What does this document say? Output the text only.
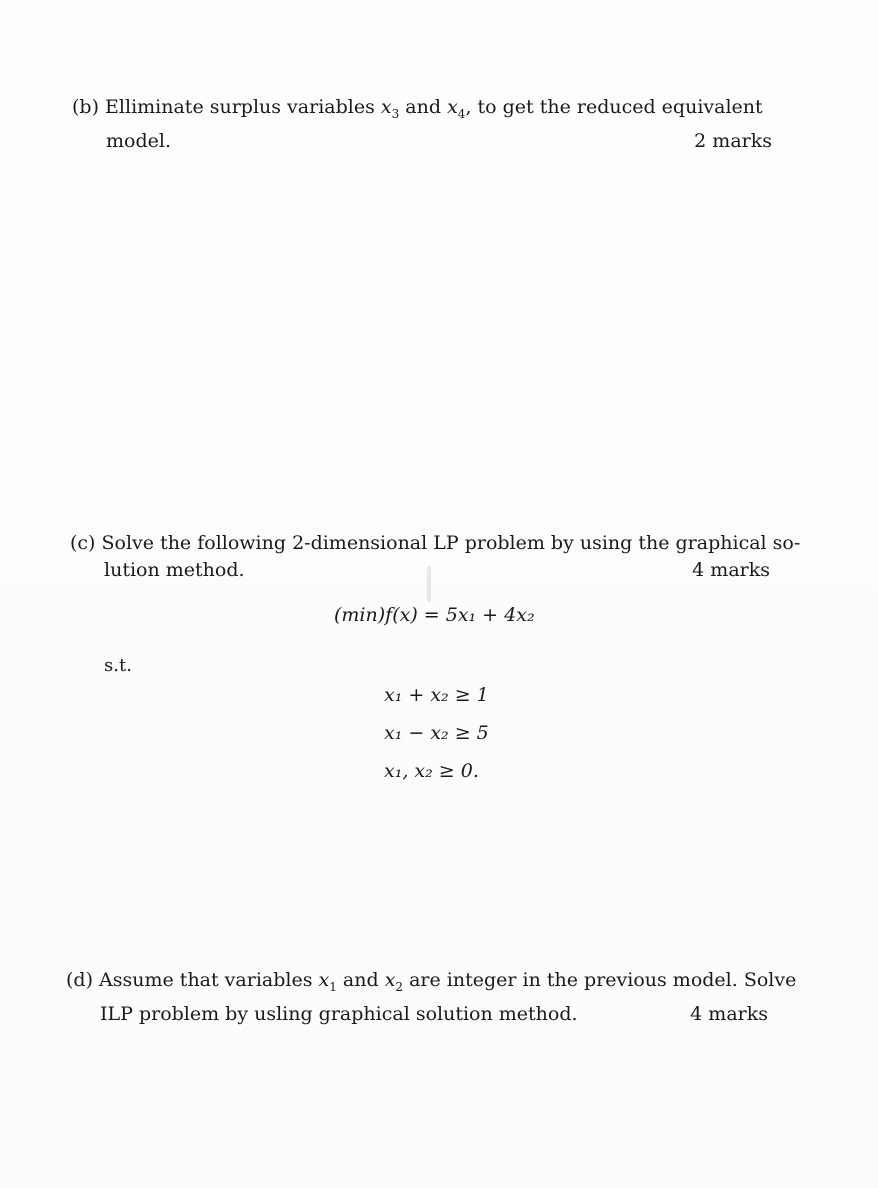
(b) Elliminate surplus variables $x_3$ and $x_4$, to get the reduced equivalent
model.	2 marks
(c) Solve the following 2-dimensional LP problem by using the graphical so-
lution method.	4 marks
(min)f(x) = 5x₁ + 4x₂
s.t.
x₁ + x₂ ≥ 1
x₁ − x₂ ≥ 5
x₁, x₂ ≥ 0.
(d) Assume that variables $x_1$ and $x_2$ are integer in the previous model. Solve
ILP problem by usling graphical solution method.	4 marks
